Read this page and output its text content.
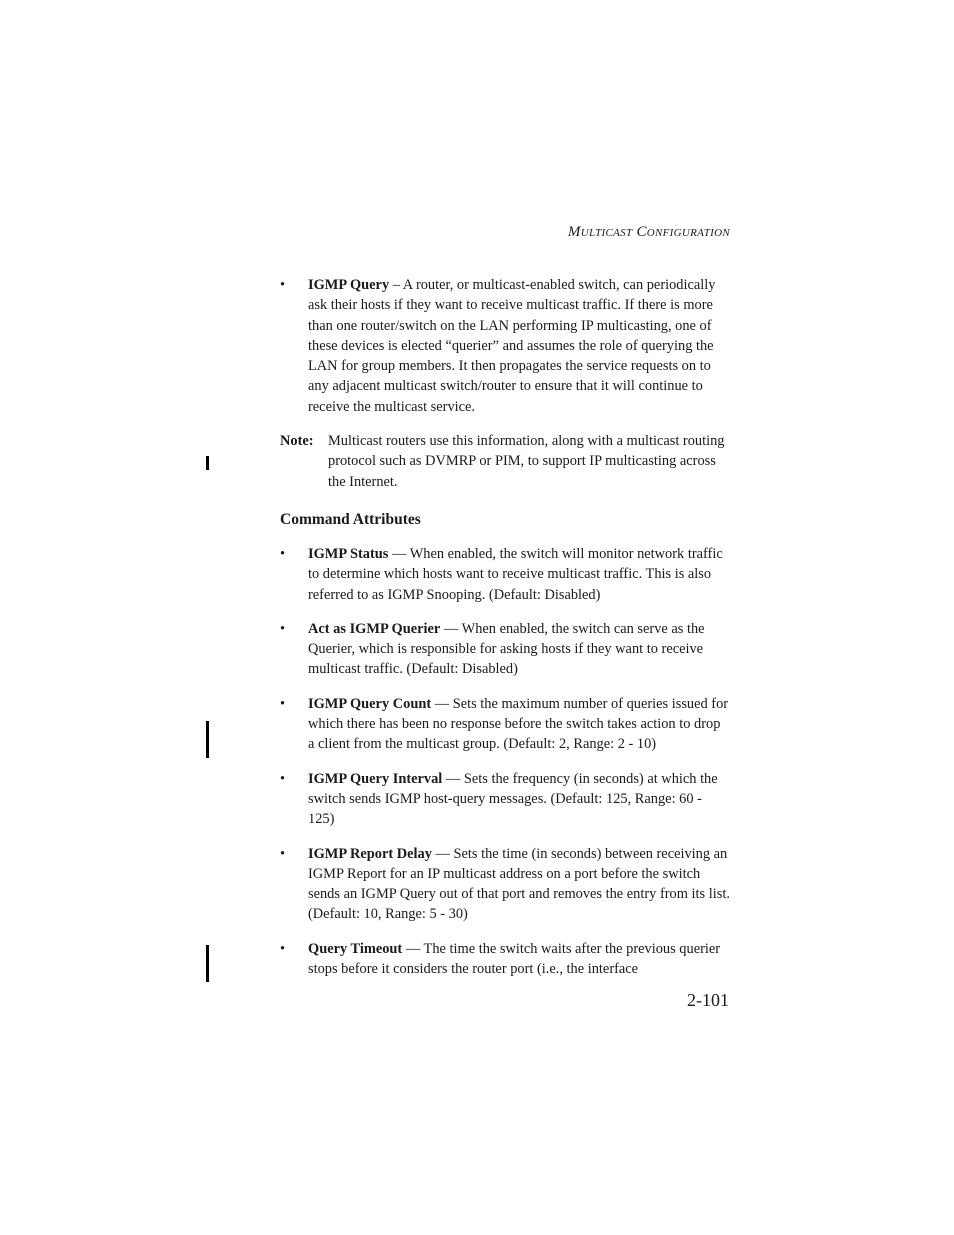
Multicast Configuration
• IGMP Query – A router, or multicast-enabled switch, can periodically ask their hosts if they want to receive multicast traffic. If there is more than one router/switch on the LAN performing IP multicasting, one of these devices is elected “querier” and assumes the role of querying the LAN for group members. It then propagates the service requests on to any adjacent multicast switch/router to ensure that it will continue to receive the multicast service.
Note: Multicast routers use this information, along with a multicast routing protocol such as DVMRP or PIM, to support IP multicasting across the Internet.
Command Attributes
• IGMP Status — When enabled, the switch will monitor network traffic to determine which hosts want to receive multicast traffic. This is also referred to as IGMP Snooping. (Default: Disabled)
• Act as IGMP Querier — When enabled, the switch can serve as the Querier, which is responsible for asking hosts if they want to receive multicast traffic. (Default: Disabled)
• IGMP Query Count — Sets the maximum number of queries issued for which there has been no response before the switch takes action to drop a client from the multicast group. (Default: 2, Range: 2 - 10)
• IGMP Query Interval — Sets the frequency (in seconds) at which the switch sends IGMP host-query messages. (Default: 125, Range: 60 - 125)
• IGMP Report Delay — Sets the time (in seconds) between receiving an IGMP Report for an IP multicast address on a port before the switch sends an IGMP Query out of that port and removes the entry from its list. (Default: 10, Range: 5 - 30)
• Query Timeout — The time the switch waits after the previous querier stops before it considers the router port (i.e., the interface
2-101
